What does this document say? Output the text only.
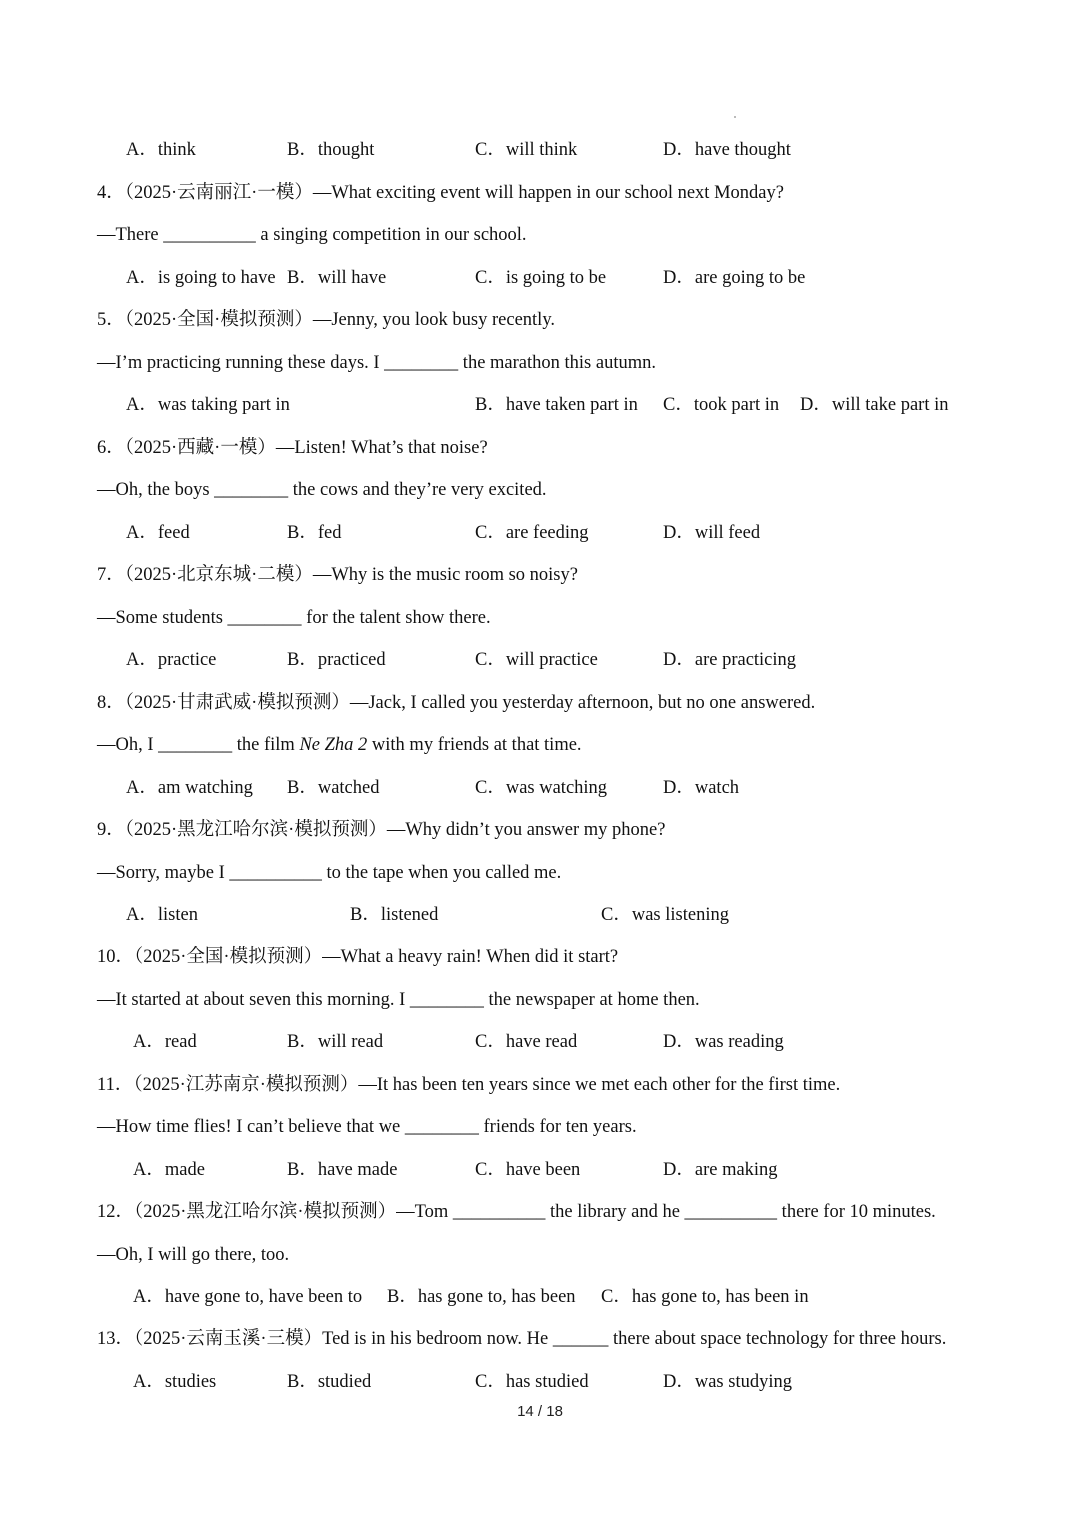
A．think	B．thought	C．will think	D．have thought
4．（2025·云南丽江·一模）—What exciting event will happen in our school next Monday?
—There __________ a singing competition in our school.
A．is going to have B．will have	C．is going to be	D．are going to be
5．（2025·全国·模拟预测）—Jenny, you look busy recently.
—I’m practicing running these days. I ________ the marathon this autumn.
A．was taking part in	B．have taken part in C．took part in D．will take part in
6．（2025·西藏·一模）—Listen! What’s that noise?
—Oh, the boys ________ the cows and they’re very excited.
A．feed	B．fed	C．are feeding	D．will feed
7．（2025·北京东城·二模）—Why is the music room so noisy?
—Some students ________ for the talent show there.
A．practice	B．practiced	C．will practice	D．are practicing
8．（2025·甘肃武威·模拟预测）—Jack, I called you yesterday afternoon, but no one answered.
—Oh, I ________ the film Ne Zha 2 with my friends at that time.
A．am watching B．watched	C．was watching	D．watch
9．（2025·黑龙江哈尔滨·模拟预测）—Why didn’t you answer my phone?
—Sorry, maybe I __________ to the tape when you called me.
A．listen	B．listened	C．was listening
10．（2025·全国·模拟预测）—What a heavy rain! When did it start?
—It started at about seven this morning. I ________ the newspaper at home then.
A．read	B．will read	C．have read	D．was reading
11．（2025·江苏南京·模拟预测）—It has been ten years since we met each other for the first time.
—How time flies! I can’t believe that we ________ friends for ten years.
A．made	B．have made	C．have been	D．are making
12．（2025·黑龙江哈尔滨·模拟预测）—Tom __________ the library and he __________ there for 10 minutes.
—Oh, I will go there, too.
A．have gone to, have been to B．has gone to, has been C．has gone to, has been in
13．（2025·云南玉溪·三模）Ted is in his bedroom now. He ______ there about space technology for three hours.
A．studies	B．studied	C．has studied	D．was studying
14 / 18
